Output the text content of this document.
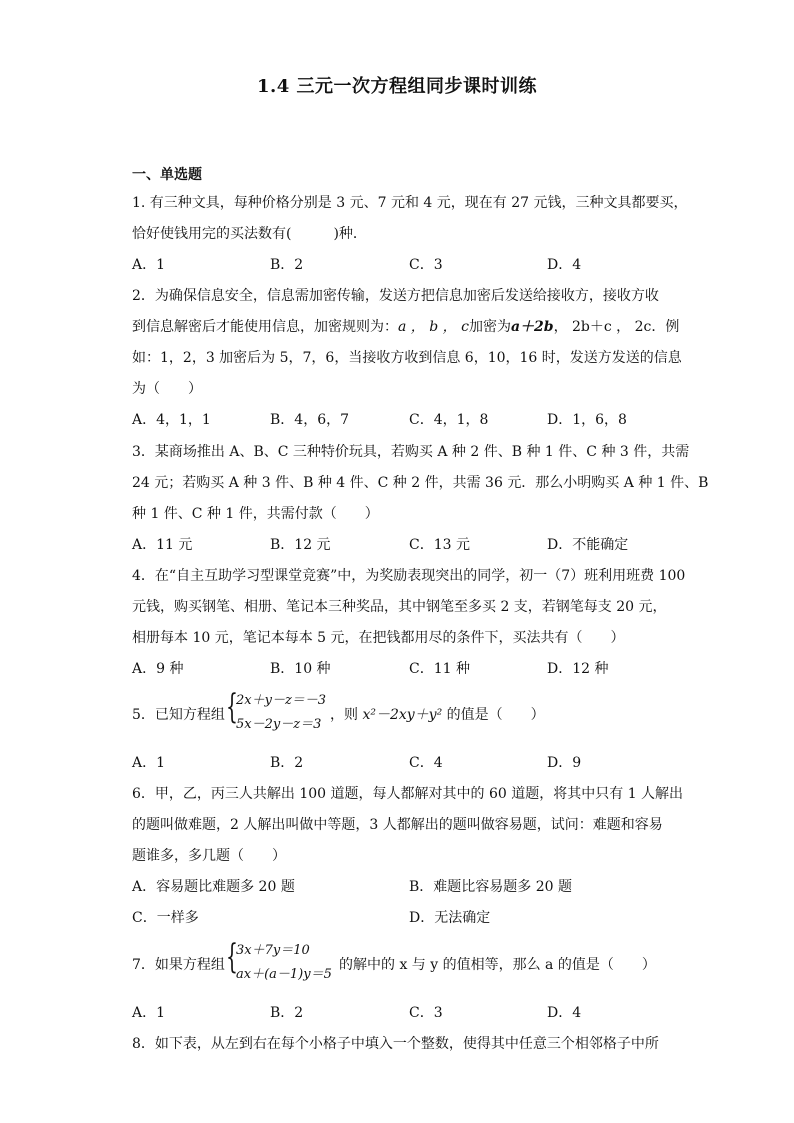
1.4 三元一次方程组同步课时训练
一、单选题
1. 有三种文具，每种价格分别是 3 元、7 元和 4 元，现在有 27 元钱，三种文具都要买，
恰好使钱用完的买法数有(　　　)种．
A．1	B．2	C．3	D．4
2．为确保信息安全，信息需加密传输，发送方把信息加密后发送给接收方，接收方收
到信息解密后才能使用信息，加密规则为：a ， b ， c加密为a＋2b， 2b＋c ， 2c．例
如：1，2，3 加密后为 5，7，6，当接收方收到信息 6，10，16 时，发送方发送的信息
为（　　）
A．4，1，1	B．4，6，7	C．4，1，8	D．1，6，8
3．某商场推出 A、B、C 三种特价玩具，若购买 A 种 2 件、B 种 1 件、C 种 3 件，共需
24 元；若购买 A 种 3 件、B 种 4 件、C 种 2 件，共需 36 元．那么小明购买 A 种 1 件、B
种 1 件、C 种 1 件，共需付款（　　）
A．11 元	B．12 元	C．13 元	D．不能确定
4．在“自主互助学习型课堂竞赛”中，为奖励表现突出的同学，初一（7）班利用班费 100
元钱，购买钢笔、相册、笔记本三种奖品，其中钢笔至多买 2 支，若钢笔每支 20 元，
相册每本 10 元，笔记本每本 5 元，在把钱都用尽的条件下，买法共有（　　）
A．9 种	B．10 种	C．11 种	D．12 种
5．已知方程组 {
2x＋y－z＝－3
5x－2y－z＝3
，则 x²－2xy＋y² 的值是（　　）
A．1	B．2	C．4	D．9
6．甲，乙，丙三人共解出 100 道题，每人都解对其中的 60 道题，将其中只有 1 人解出
的题叫做难题，2 人解出叫做中等题，3 人都解出的题叫做容易题，试问：难题和容易
题谁多，多几题（　　）
A．容易题比难题多 20 题	B．难题比容易题多 20 题
C．一样多	D．无法确定
7．如果方程组 {
3x＋7y＝10
ax＋(a－1)y＝5
的解中的 x 与 y 的值相等，那么 a 的值是（　　）
A．1	B．2	C．3	D．4
8．如下表，从左到右在每个小格子中填入一个整数，使得其中任意三个相邻格子中所
